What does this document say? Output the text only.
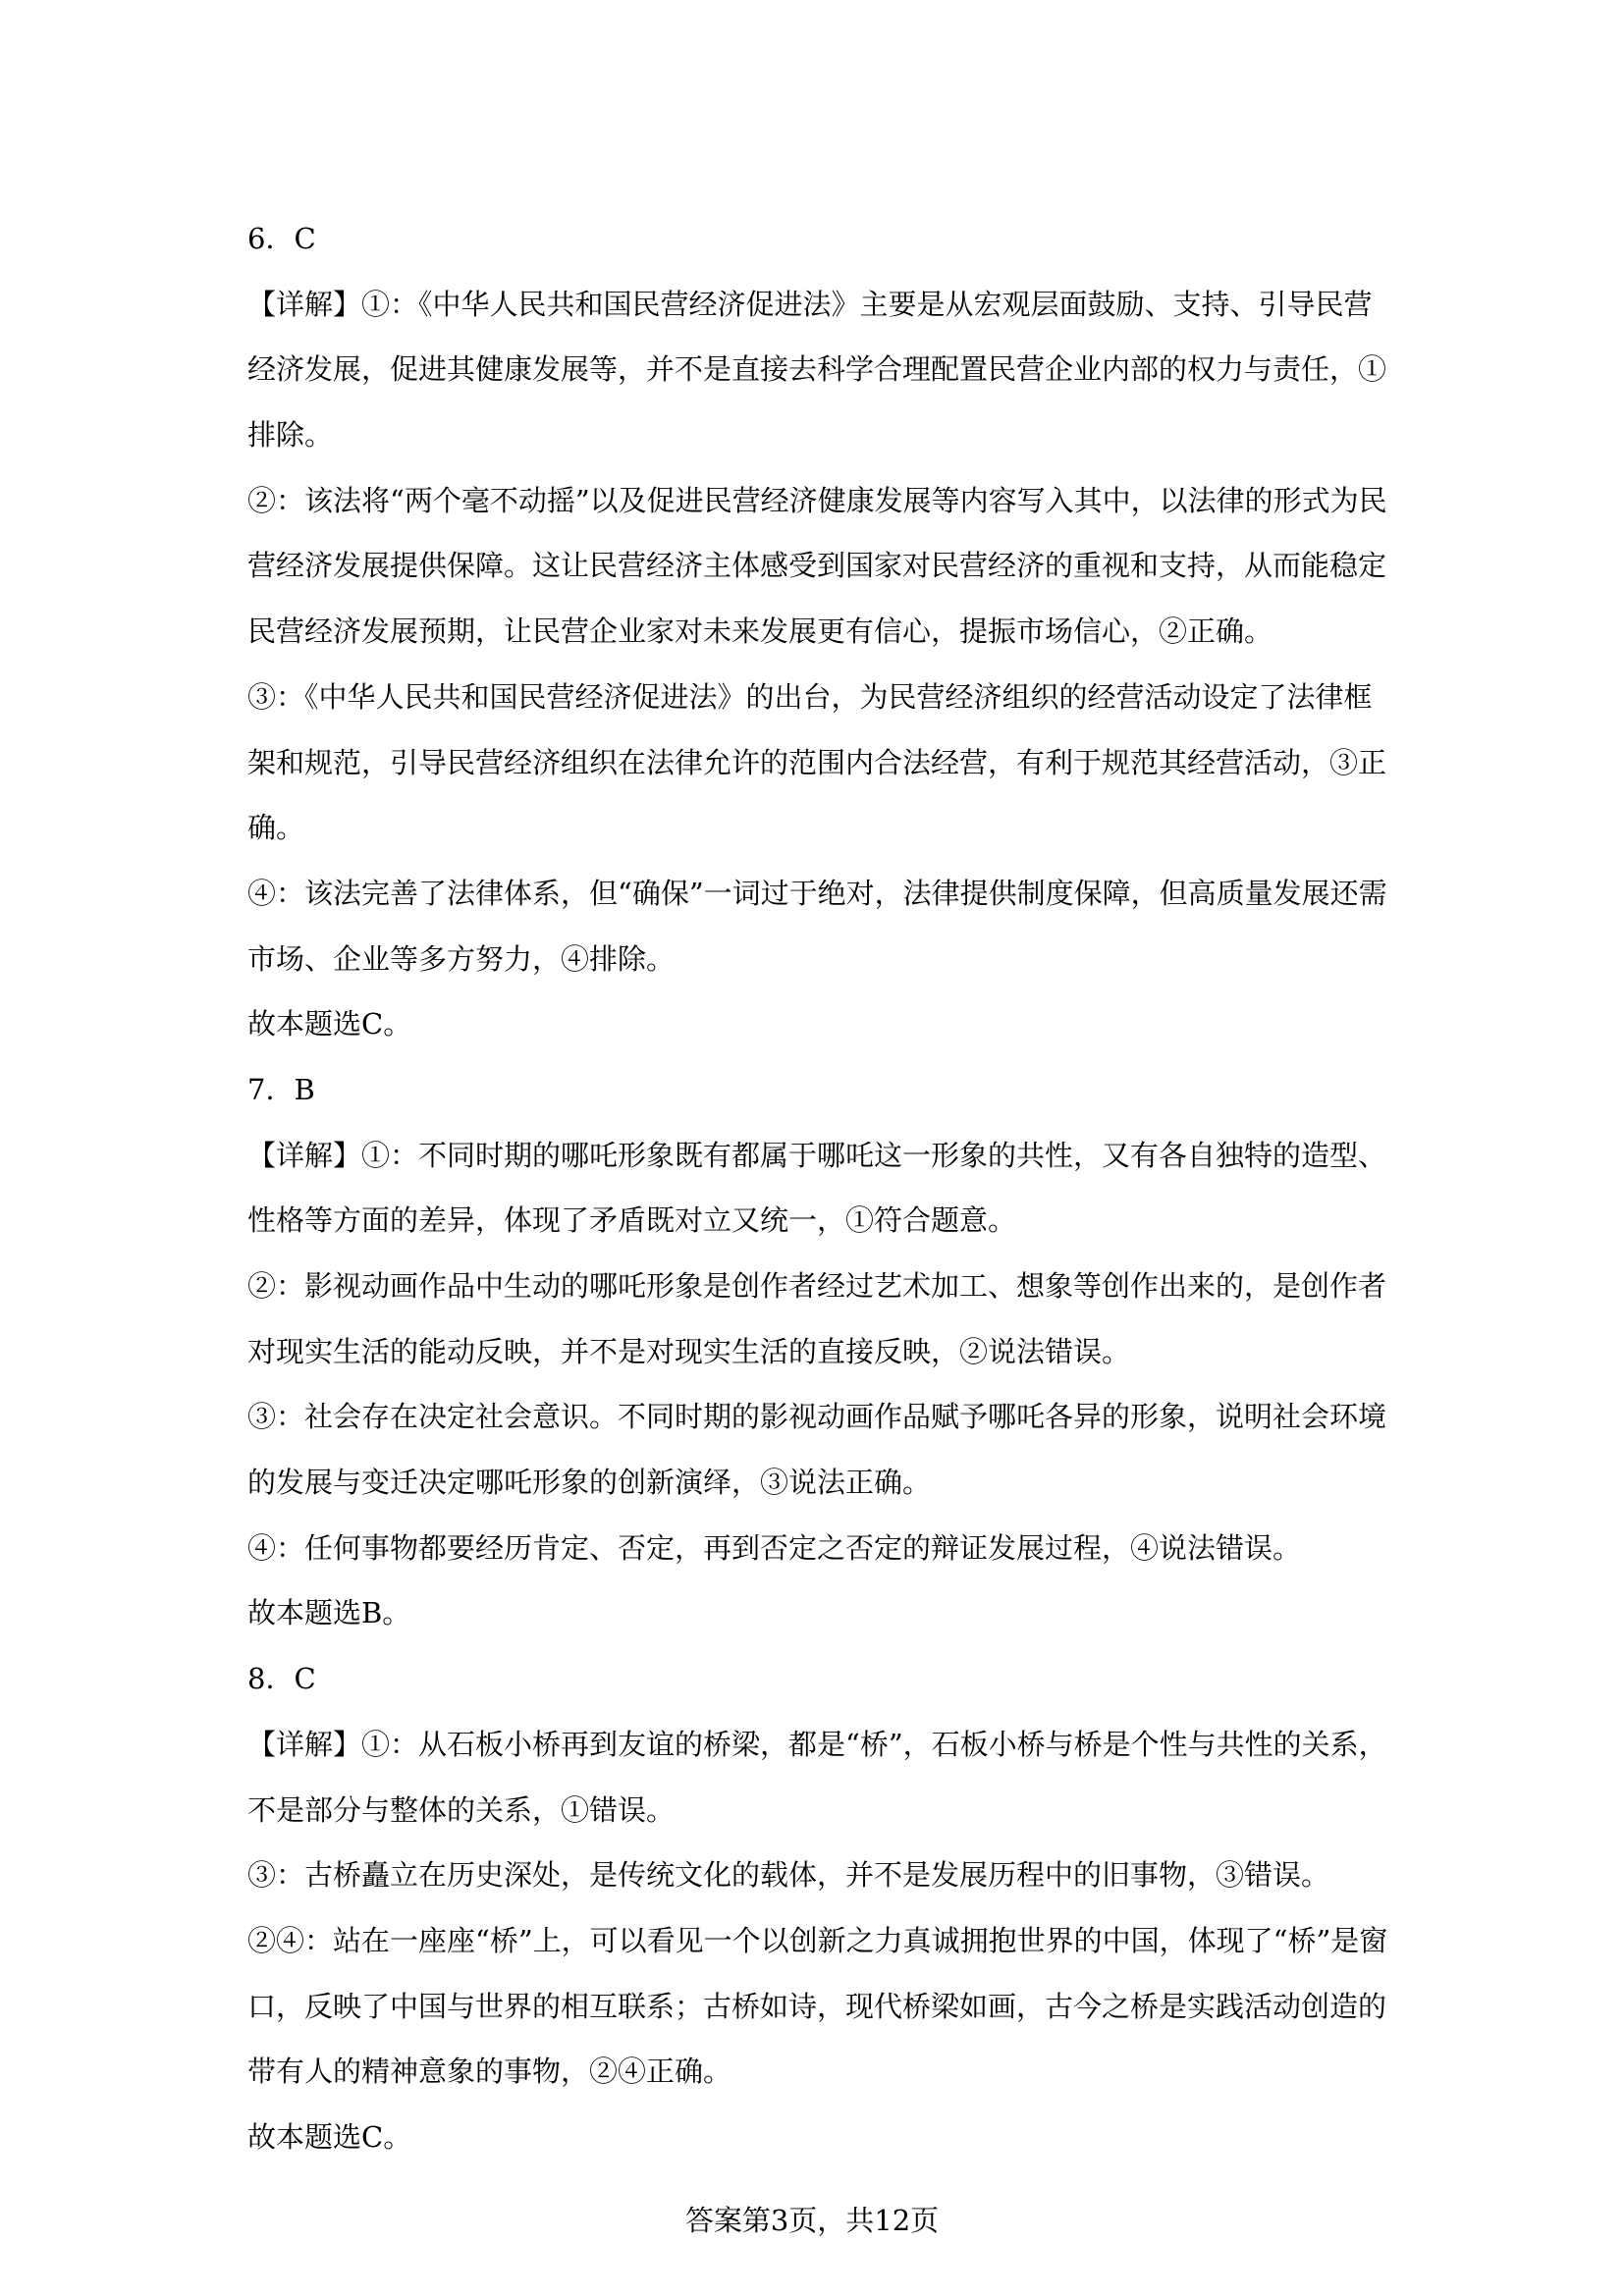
6．C
【详解】①：《中华人民共和国民营经济促进法》主要是从宏观层面鼓励、支持、引导民营
经济发展，促进其健康发展等，并不是直接去科学合理配置民营企业内部的权力与责任，①
排除。
②：该法将“两个毫不动摇”以及促进民营经济健康发展等内容写入其中，以法律的形式为民
营经济发展提供保障。这让民营经济主体感受到国家对民营经济的重视和支持，从而能稳定
民营经济发展预期，让民营企业家对未来发展更有信心，提振市场信心，②正确。
③：《中华人民共和国民营经济促进法》的出台，为民营经济组织的经营活动设定了法律框
架和规范，引导民营经济组织在法律允许的范围内合法经营，有利于规范其经营活动，③正
确。
④：该法完善了法律体系，但“确保”一词过于绝对，法律提供制度保障，但高质量发展还需
市场、企业等多方努力，④排除。
故本题选C。
7．B
【详解】①：不同时期的哪吒形象既有都属于哪吒这一形象的共性，又有各自独特的造型、
性格等方面的差异，体现了矛盾既对立又统一，①符合题意。
②：影视动画作品中生动的哪吒形象是创作者经过艺术加工、想象等创作出来的，是创作者
对现实生活的能动反映，并不是对现实生活的直接反映，②说法错误。
③：社会存在决定社会意识。不同时期的影视动画作品赋予哪吒各异的形象，说明社会环境
的发展与变迁决定哪吒形象的创新演绎，③说法正确。
④：任何事物都要经历肯定、否定，再到否定之否定的辩证发展过程，④说法错误。
故本题选B。
8．C
【详解】①：从石板小桥再到友谊的桥梁，都是“桥”，石板小桥与桥是个性与共性的关系，
不是部分与整体的关系，①错误。
③：古桥矗立在历史深处，是传统文化的载体，并不是发展历程中的旧事物，③错误。
②④：站在一座座“桥”上，可以看见一个以创新之力真诚拥抱世界的中国，体现了“桥”是窗
口，反映了中国与世界的相互联系；古桥如诗，现代桥梁如画，古今之桥是实践活动创造的
带有人的精神意象的事物，②④正确。
故本题选C。
答案第3页，共12页
